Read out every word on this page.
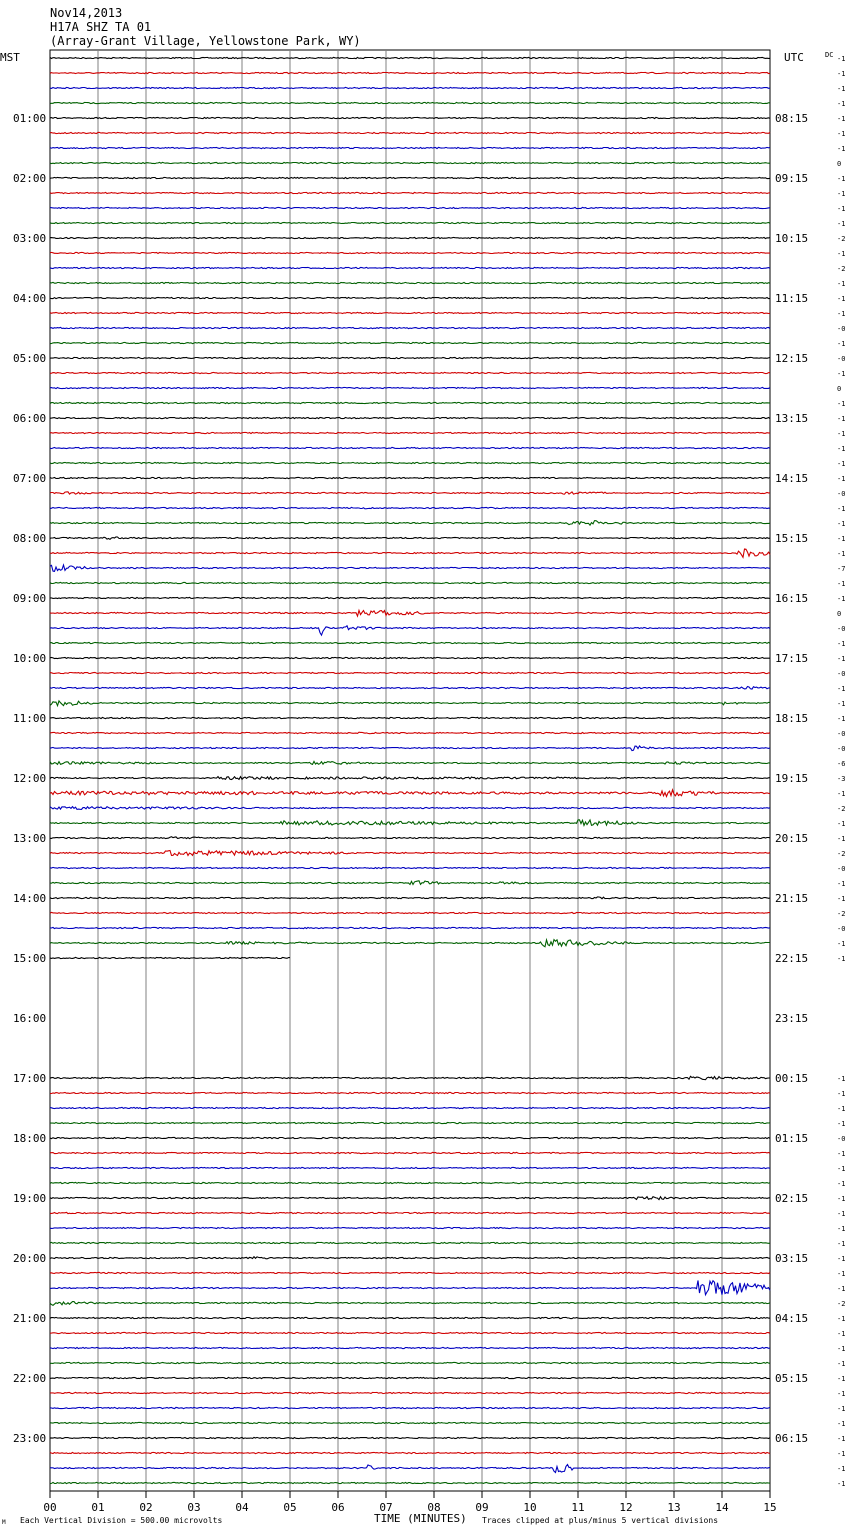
Nov14,2013
H17A SHZ TA 01
(Array-Grant Village, Yellowstone Park, WY)
MST	UTC	DC -1
-1
-1
-1
-1
-1
-1
0
-1
-1
-1
-1
-2
-1
-2
-1
-1
-1
-0
-1
-0
-1
0
-1
-1
-1
-1
-1
-1
-0
-1
-1
-1
-1
-7
-1
-1
0
-0
-1
-1
-0
-1
-1
-1
-0
-0
-6
-3
-1
-2
-1
-1
-2
-0
-1
-1
-2
-0
-1
-1
-1
-1
-1
-1
-0
-1
-1
-1
-1
-1
-1
-1
-1
-1
-1
-2
-1
-1
-1
-1
-1
-1
-1
-1
-1
-1
-1
-1
01:00
02:00
03:00
04:00
05:00
06:00
07:00
08:00
09:00
10:00
11:00
12:00
13:00
14:00
15:00
16:00
17:00
18:00
19:00
20:00
21:00
22:00
23:00
08:15
09:15
10:15
11:15
12:15
13:15
14:15
15:15
16:15
17:15
18:15
19:15
20:15
21:15
22:15
23:15
00:15
01:15
02:15
03:15
04:15
05:15
06:15
00	01	02	03	04	05	06	07	08	09	10	11	12	13	14	15
M Each Vertical Division = 500.00 microvolts	TIME (MINUTES) Traces clipped at plus/minus 5 vertical divisions
